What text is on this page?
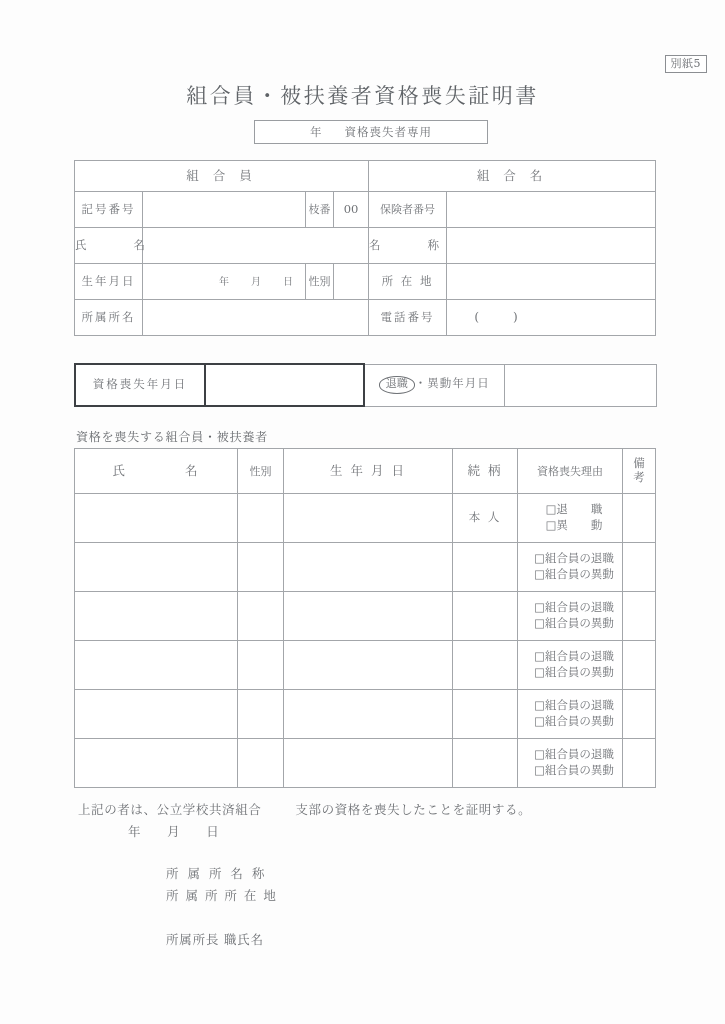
別紙5
組合員・被扶養者資格喪失証明書
年 資格喪失者専用
組 合 員				組 合 名	
記号番号		枝番	00	保険者番号	
氏　　名				名　　称	
生年月日	年　月　日	性別		所 在 地	
所属所名				電話番号	( )
資格喪失年月日		退職 ・異動年月日	
資格を喪失する組合員・被扶養者
氏　　　　名	性別	生 年 月 日	続 柄	資格喪失理由	備
考
			本 人	□退　　職
□異　　動	

				□組合員の退職
□組合員の異動	

				□組合員の退職
□組合員の異動	

				□組合員の退職
□組合員の異動	

				□組合員の退職
□組合員の異動	

				□組合員の退職
□組合員の異動	

上記の者は、公立学校共済組合	支部の資格を喪失したことを証明する。
年 月 日
所 属 所 名 称
所 属 所 所 在 地
所属所長 職氏名
